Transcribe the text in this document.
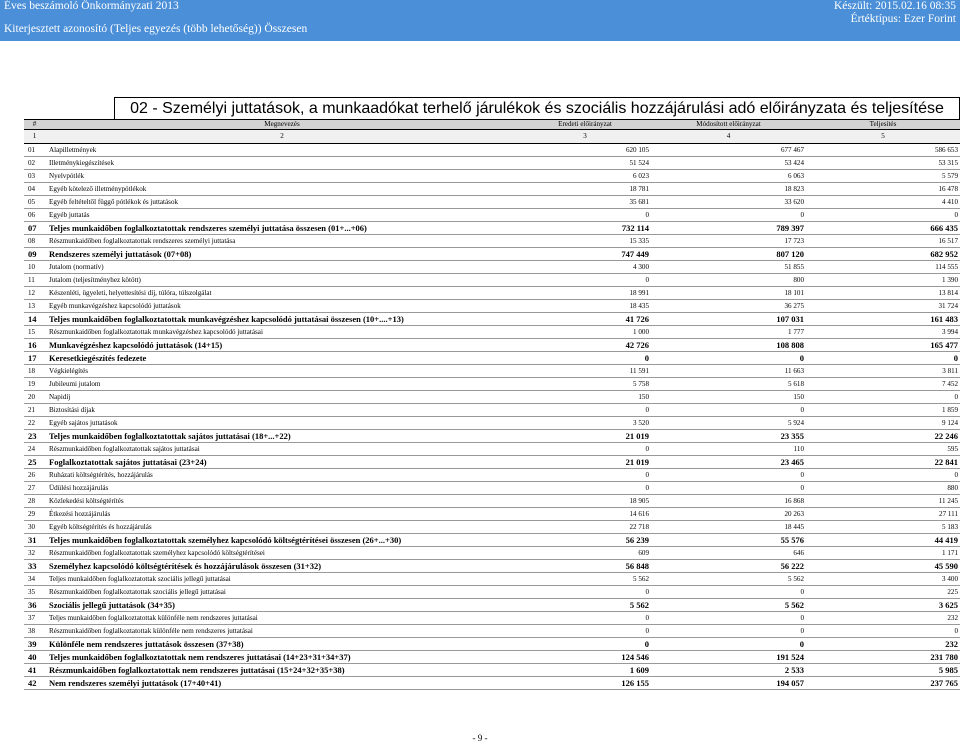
Éves beszámoló Önkormányzati 2013
Kiterjesztett azonosító (Teljes egyezés (több lehetőség)) Összesen
Készült: 2015.02.16 08:35
Értéktípus: Ezer Forint
02 - Személyi juttatások, a munkaadókat terhelő járulékok és szociális hozzájárulási adó előirányzata és teljesítése
#	Megnevezés	Eredeti előirányzat	Módosított előirányzat	Teljesítés
1	2	3	4	5
01	Alapilletmények	620 105	677 467	586 653
02	Illetménykiegészítések	51 524	53 424	53 315
03	Nyelvpótlék	6 023	6 063	5 579
04	Egyéb kötelező illetménypótlékok	18 781	18 823	16 478
05	Egyéb feltételtől függő pótlékok és juttatások	35 681	33 620	4 410
06	Egyéb juttatás	0	0	0
07	Teljes munkaidőben foglalkoztatottak rendszeres személyi juttatása összesen (01+...+06)	732 114	789 397	666 435
08	Részmunkaidőben foglalkoztatottak rendszeres személyi juttatása	15 335	17 723	16 517
09	Rendszeres személyi juttatások (07+08)	747 449	807 120	682 952
10	Jutalom (normatív)	4 300	51 855	114 555
11	Jutalom (teljesítményhez kötött)	0	800	1 390
12	Készenléti, ügyeleti, helyettesítési díj, túlóra, túlszolgálat	18 991	18 101	13 814
13	Egyéb munkavégzéshez kapcsolódó juttatások	18 435	36 275	31 724
14	Teljes munkaidőben foglalkoztatottak munkavégzéshez kapcsolódó juttatásai összesen (10+....+13)	41 726	107 031	161 483
15	Részmunkaidőben foglalkoztatottak munkavégzéshez kapcsolódó juttatásai	1 000	1 777	3 994
16	Munkavégzéshez kapcsolódó juttatások (14+15)	42 726	108 808	165 477
17	Keresetkiegészítés fedezete	0	0	0
18	Végkielégítés	11 591	11 663	3 811
19	Jubileumi jutalom	5 758	5 618	7 452
20	Napidíj	150	150	0
21	Biztosítási díjak	0	0	1 859
22	Egyéb sajátos juttatások	3 520	5 924	9 124
23	Teljes munkaidőben foglalkoztatottak sajátos juttatásai (18+...+22)	21 019	23 355	22 246
24	Részmunkaidőben foglalkoztatottak sajátos juttatásai	0	110	595
25	Foglalkoztatottak sajátos juttatásai (23+24)	21 019	23 465	22 841
26	Ruházati költségtérítés, hozzájárulás	0	0	0
27	Üdülési hozzájárulás	0	0	880
28	Közlekedési költségtérítés	18 905	16 868	11 245
29	Étkezési hozzájárulás	14 616	20 263	27 111
30	Egyéb költségtérítés és hozzájárulás	22 718	18 445	5 183
31	Teljes munkaidőben foglalkoztatottak személyhez kapcsolódó költségtérítései összesen (26+...+30)	56 239	55 576	44 419
32	Részmunkaidőben foglalkoztatottak személyhez kapcsolódó költségtérítései	609	646	1 171
33	Személyhez kapcsolódó költségtérítések és hozzájárulások összesen (31+32)	56 848	56 222	45 590
34	Teljes munkaidőben foglalkoztatottak szociális jellegű juttatásai	5 562	5 562	3 400
35	Részmunkaidőben foglalkoztatottak szociális jellegű juttatásai	0	0	225
36	Szociális jellegű juttatások (34+35)	5 562	5 562	3 625
37	Teljes munkaidőben foglalkoztatottak különféle nem rendszeres juttatásai	0	0	232
38	Részmunkaidőben foglalkoztatottak különféle nem rendszeres juttatásai	0	0	0
39	Különféle nem rendszeres juttatások összesen (37+38)	0	0	232
40	Teljes munkaidőben foglalkoztatottak nem rendszeres juttatásai (14+23+31+34+37)	124 546	191 524	231 780
41	Részmunkaidőben foglalkoztatottak nem rendszeres juttatásai (15+24+32+35+38)	1 609	2 533	5 985
42	Nem rendszeres személyi juttatások (17+40+41)	126 155	194 057	237 765
- 9 -
